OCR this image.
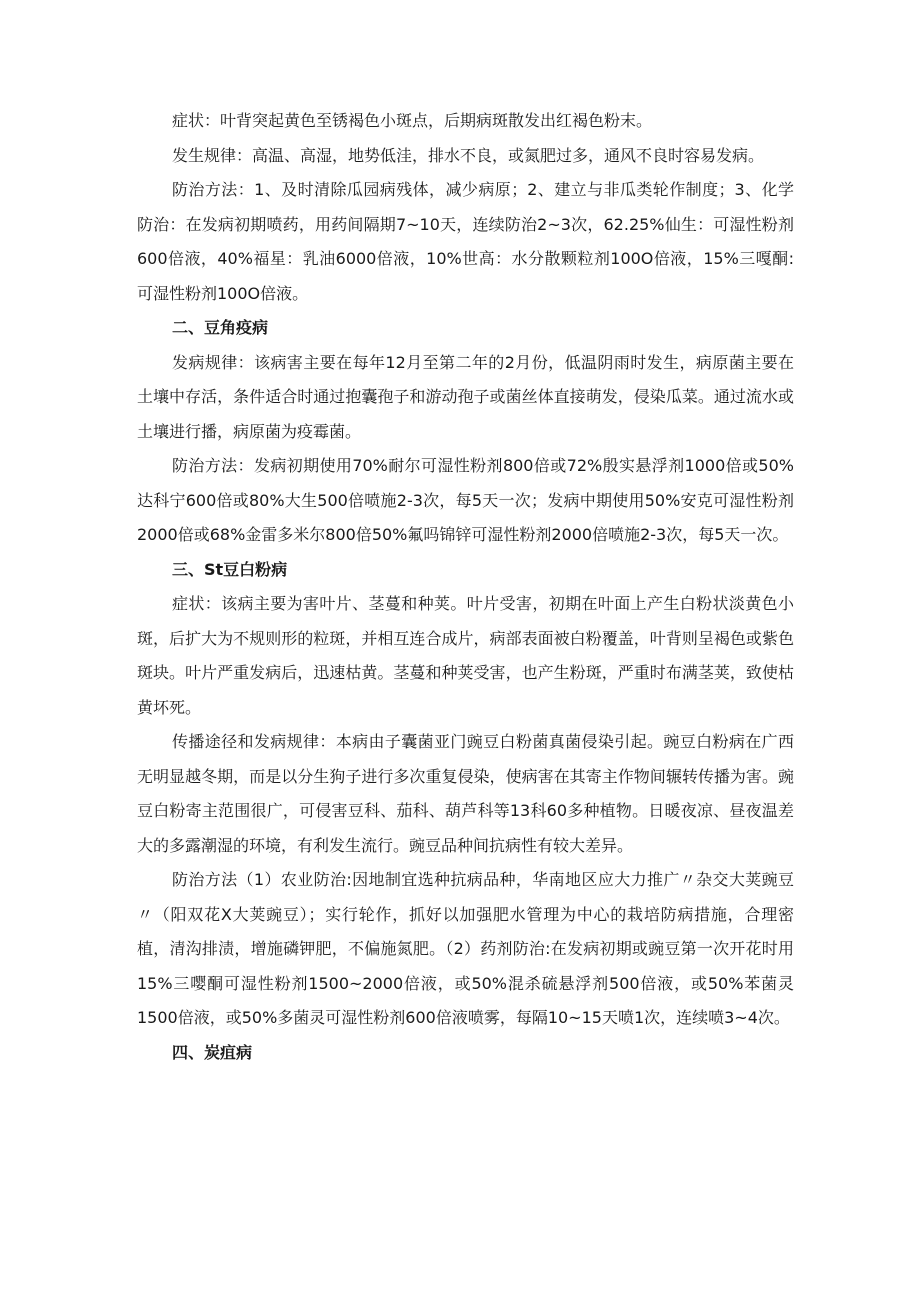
症状：叶背突起黄色至锈褐色小斑点，后期病斑散发出红褐色粉末。

发生规律：高温、高湿，地势低洼，排水不良，或氮肥过多，通风不良时容易发病。

防治方法：1、及时清除瓜园病残体，减少病原；2、建立与非瓜类轮作制度；3、化学防治：在发病初期喷药，用药间隔期7~10天，连续防治2~3次，62.25%仙生：可湿性粉剂600倍液，40%福星：乳油6000倍液，10%世高：水分散颗粒剂100O倍液，15%三嘎酮:可湿性粉剂100O倍液。

二、豆角疫病

发病规律：该病害主要在每年12月至第二年的2月份，低温阴雨时发生，病原菌主要在土壤中存活，条件适合时通过抱囊孢子和游动孢子或菌丝体直接萌发，侵染瓜菜。通过流水或土壤进行播，病原菌为疫霉菌。

防治方法：发病初期使用70%耐尔可湿性粉剂800倍或72%殷实悬浮剂1000倍或50%达科宁600倍或80%大生500倍喷施2-3次，每5天一次；发病中期使用50%安克可湿性粉剂2000倍或68%金雷多米尔800倍50%氟吗锦锌可湿性粉剂2000倍喷施2-3次，每5天一次。

三、St豆白粉病

症状：该病主要为害叶片、茎蔓和种荚。叶片受害，初期在叶面上产生白粉状淡黄色小斑，后扩大为不规则形的粒斑，并相互连合成片，病部表面被白粉覆盖，叶背则呈褐色或紫色斑块。叶片严重发病后，迅速枯黄。茎蔓和种荚受害，也产生粉斑，严重时布满茎荚，致使枯黄坏死。

传播途径和发病规律：本病由子囊菌亚门豌豆白粉菌真菌侵染引起。豌豆白粉病在广西无明显越冬期，而是以分生狗子进行多次重复侵染，使病害在其寄主作物间辗转传播为害。豌豆白粉寄主范围很广，可侵害豆科、茄科、葫芦科等13科60多种植物。日暖夜凉、昼夜温差大的多露潮湿的环境，有利发生流行。豌豆品种间抗病性有较大差异。

防治方法（1）农业防治:因地制宜选种抗病品种，华南地区应大力推广〃杂交大荚豌豆〃（阳双花X大荚豌豆）；实行轮作，抓好以加强肥水管理为中心的栽培防病措施，合理密植，清沟排渍，增施磷钾肥，不偏施氮肥。（2）药剂防治:在发病初期或豌豆第一次开花时用15%三嘤酮可湿性粉剂1500~2000倍液，或50%混杀硫悬浮剂500倍液，或50%苯菌灵1500倍液，或50%多菌灵可湿性粉剂600倍液喷雾，每隔10~15天喷1次，连续喷3~4次。

四、炭疽病
